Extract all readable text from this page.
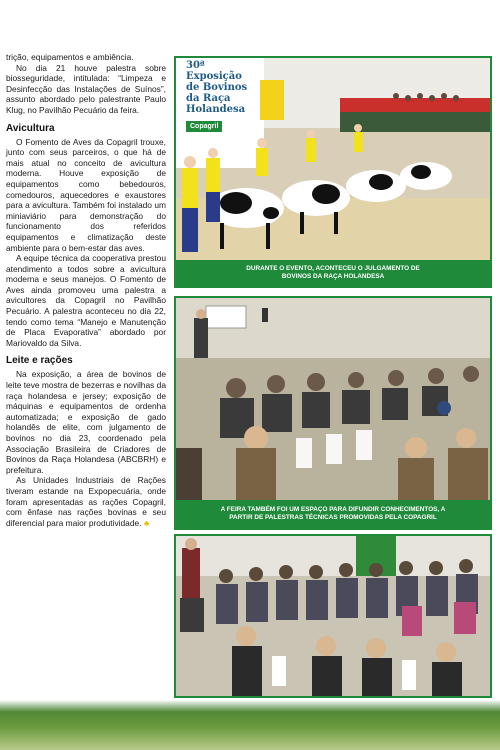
trição, equipamentos e ambiência.

No dia 21 houve palestra sobre biosseguridade, intitulada: “Limpeza e Desinfecção das Instalações de Suínos”, assunto abordado pelo palestrante Paulo Klug, no Pavilhão Pecuário da feira.

Avicultura

O Fomento de Aves da Copagril trouxe, junto com seus parceiros, o que há de mais atual no conceito de avicultura moderna. Houve exposição de equipamentos como bebedouros, comedouros, aquecedores e exaustores para a avicultura. Também foi instalado um miniaviário para demonstração do funcionamento dos referidos equipamentos e climatização deste ambiente para o bem-estar das aves.

A equipe técnica da cooperativa prestou atendimento a todos sobre a avicultura moderna e seus manejos. O Fomento de Aves ainda promoveu uma palestra a avicultores da Copagril no Pavilhão Pecuário. A palestra aconteceu no dia 22, tendo como tema “Manejo e Manutenção de Placa Evaporativa” abordado por Mariovaldo da Silva.

Leite e rações

Na exposição, a área de bovinos de leite teve mostra de bezerras e novilhas da raça holandesa e jersey; exposição de máquinas e equipamentos de ordenha automatizada; e exposição de gado holandês de elite, com julgamento de bovinos no dia 23, coordenado pela Associação Brasileira de Criadores de Bovinos da Raça Holandesa (ABCBRH) e prefeitura.

As Unidades Industriais de Rações tiveram estande na Expopecuária, onde foram apresentadas as rações Copagril, com ênfase nas rações bovinas e seu diferencial para maior produtividade. ♣

30ª Exposição
de Bovinos
da Raça
Holandesa
Copagril
DURANTE O EVENTO, ACONTECEU O JULGAMENTO DE
BOVINOS DA RAÇA HOLANDESA
A FEIRA TAMBÉM FOI UM ESPAÇO PARA DIFUNDIR CONHECIMENTOS, A
PARTIR DE PALESTRAS TÉCNICAS PROMOVIDAS PELA COPAGRIL
